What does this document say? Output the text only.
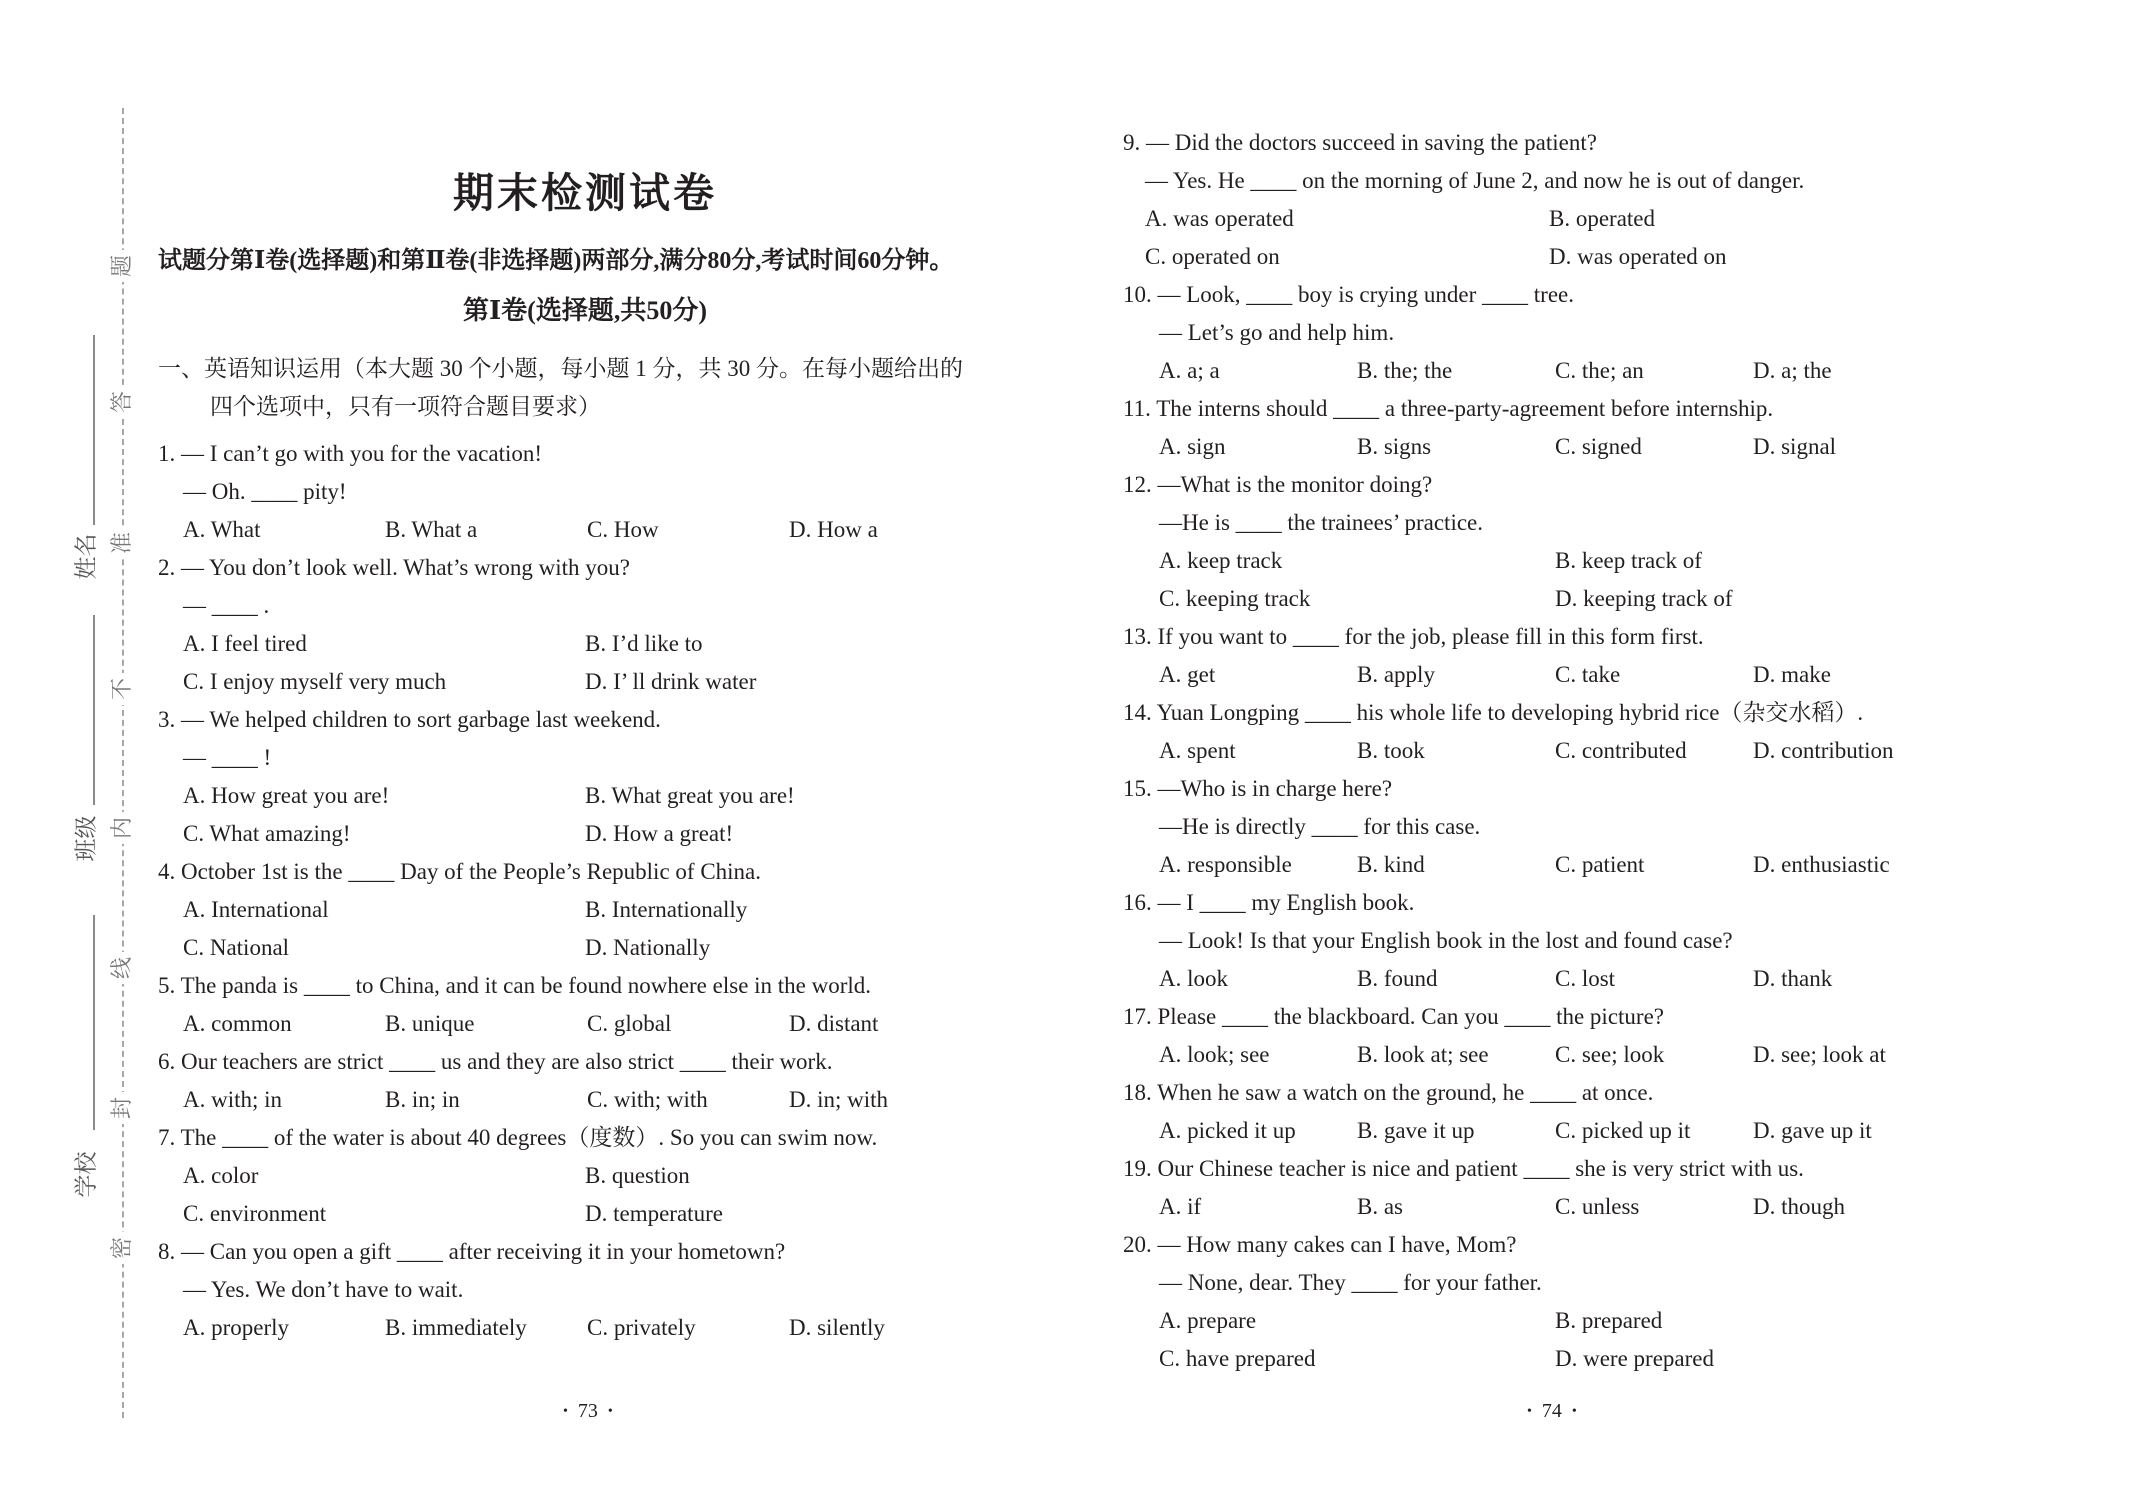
题
答
准
不
内
线
封
密
姓名
班级
学校
期末检测试卷
试题分第Ⅰ卷(选择题)和第Ⅱ卷(非选择题)两部分,满分80分,考试时间60分钟。
第Ⅰ卷(选择题,共50分)
一、英语知识运用（本大题 30 个小题，每小题 1 分，共 30 分。在每小题给出的
四个选项中，只有一项符合题目要求）
1. — I can’t go with you for the vacation!
— Oh. ____ pity!
A. What	B. What a	C. How	D. How a
2. — You don’t look well. What’s wrong with you?
— ____ .
A. I feel tired	B. I’d like to
C. I enjoy myself very much	D. I’ ll drink water
3. — We helped children to sort garbage last weekend.
— ____ !
A. How great you are!	B. What great you are!
C. What amazing!	D. How a great!
4. October 1st is the ____ Day of the People’s Republic of China.
A. International	B. Internationally
C. National	D. Nationally
5. The panda is ____ to China, and it can be found nowhere else in the world.
A. common	B. unique	C. global	D. distant
6. Our teachers are strict ____ us and they are also strict ____ their work.
A. with; in	B. in; in	C. with; with	D. in; with
7. The ____ of the water is about 40 degrees（度数）. So you can swim now.
A. color	B. question
C. environment	D. temperature
8. — Can you open a gift ____ after receiving it in your hometown?
— Yes. We don’t have to wait.
A. properly	B. immediately	C. privately	D. silently
• 73 •
9. — Did the doctors succeed in saving the patient?
— Yes. He ____ on the morning of June 2, and now he is out of danger.
A. was operated	B. operated
C. operated on	D. was operated on
10. — Look, ____ boy is crying under ____ tree.
— Let’s go and help him.
A. a; a	B. the; the	C. the; an	D. a; the
11. The interns should ____ a three-party-agreement before internship.
A. sign	B. signs	C. signed	D. signal
12. —What is the monitor doing?
—He is ____ the trainees’ practice.
A. keep track	B. keep track of
C. keeping track	D. keeping track of
13. If you want to ____ for the job, please fill in this form first.
A. get	B. apply	C. take	D. make
14. Yuan Longping ____ his whole life to developing hybrid rice（杂交水稻）.
A. spent	B. took	C. contributed	D. contribution
15. —Who is in charge here?
—He is directly ____ for this case.
A. responsible	B. kind	C. patient	D. enthusiastic
16. — I ____ my English book.
— Look! Is that your English book in the lost and found case?
A. look	B. found	C. lost	D. thank
17. Please ____ the blackboard. Can you ____ the picture?
A. look; see	B. look at; see	C. see; look	D. see; look at
18. When he saw a watch on the ground, he ____ at once.
A. picked it up	B. gave it up	C. picked up it	D. gave up it
19. Our Chinese teacher is nice and patient ____ she is very strict with us.
A. if	B. as	C. unless	D. though
20. — How many cakes can I have, Mom?
— None, dear. They ____ for your father.
A. prepare	B. prepared
C. have prepared	D. were prepared
• 74 •
